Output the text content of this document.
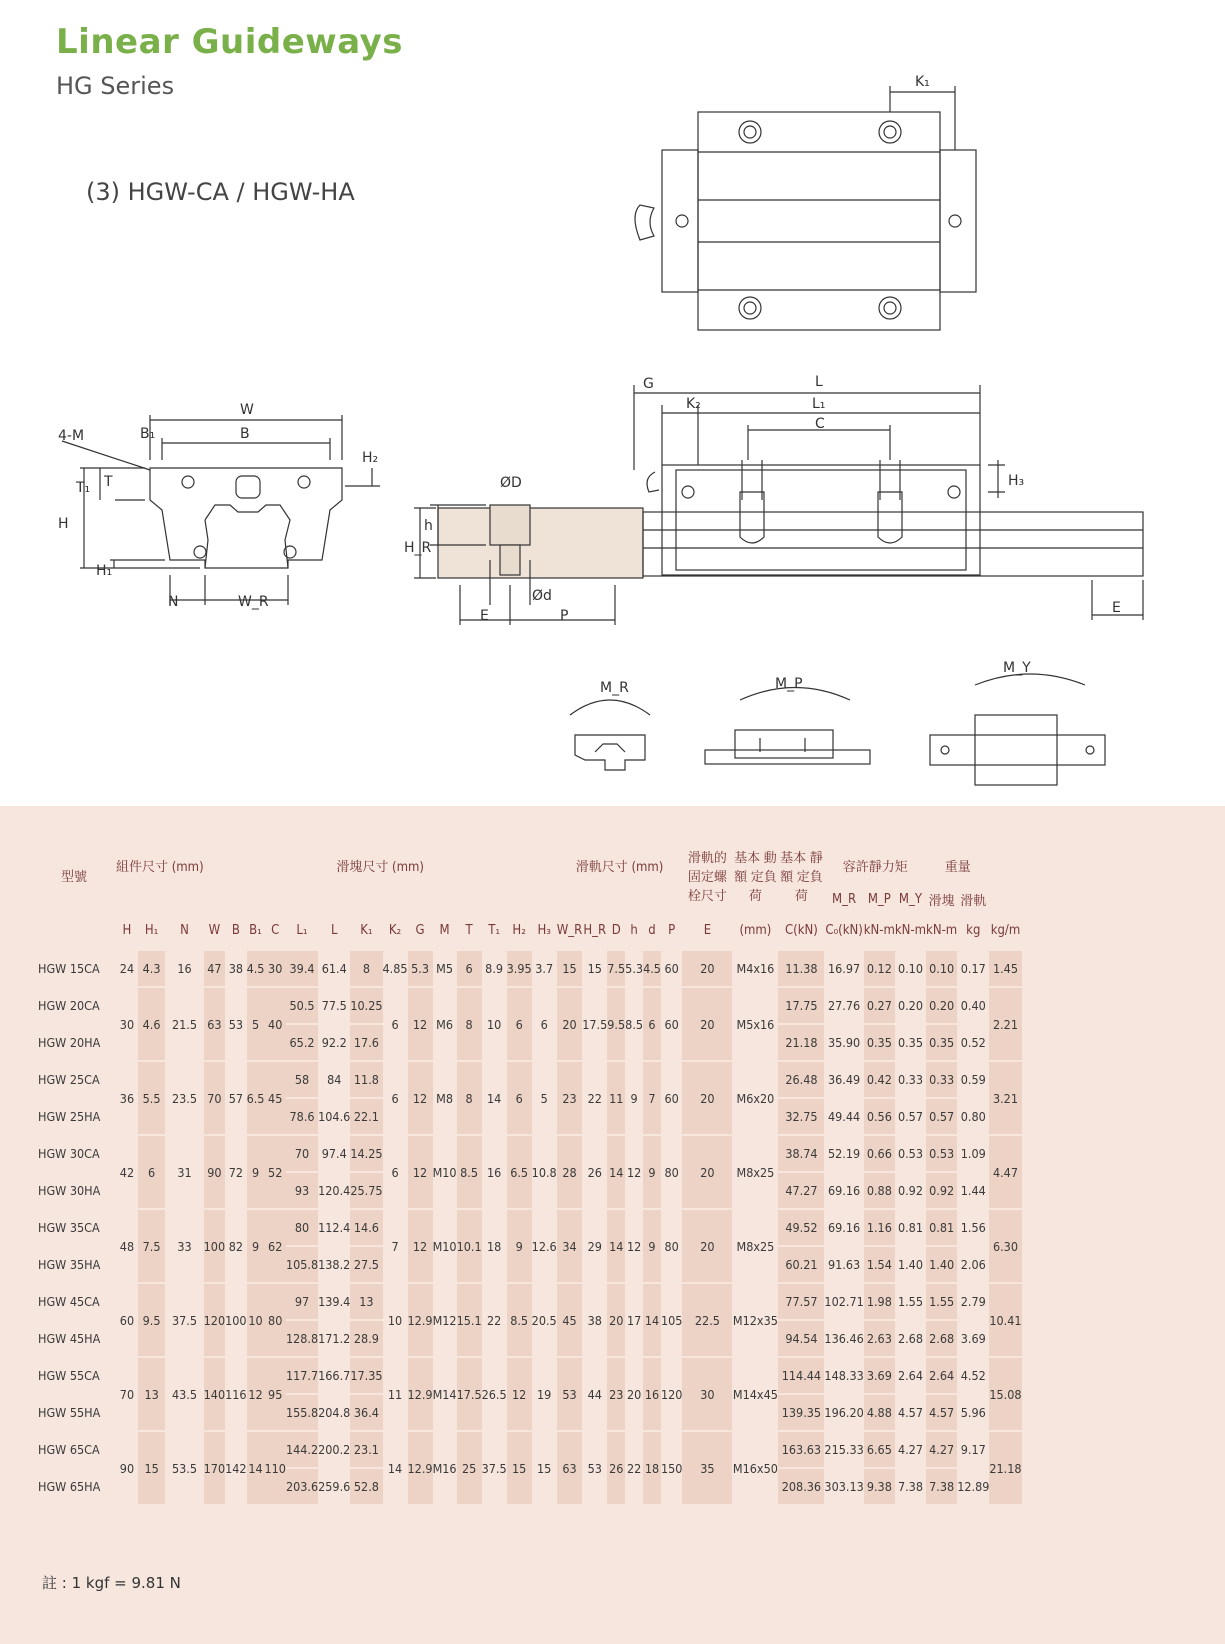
Linear Guideways
HG Series
(3) HGW-CA / HGW-HA
K₁
G	L
K₂	L₁
C
H₃
W
B₁	B
4-M
H₂
T₁ T
H
H₁
N	W_R
H_R
h
ØD
Ød
E	P	E
M_R	M_P
M_Y
型號	組件尺寸 (mm)			滑塊尺寸 (mm)														滑軌尺寸 (mm)						滑軌的 固定螺 栓尺寸	基本 動額 定負荷	基本 靜額 定負荷	容許靜力矩			重量		
																											M_R	M_P	M_Y	滑塊	滑軌	
	H	H₁	N	W	B	B₁	C	L₁	L	K₁	K₂	G	M	T	T₁	H₂	H₃	W_R	H_R	D	h	d	P	E	(mm)	C(kN)	C₀(kN)	kN-m	kN-m	kN-m	kg	kg/m
HGW 15CA	24	4.3	16	47	38	4.5	30	39.4	61.4	8	4.85	5.3	M5	6	8.9	3.95	3.7	15	15	7.5	5.3	4.5	60	20	M4x16	11.38	16.97	0.12	0.10	0.10	0.17	1.45
HGW 20CA	30	4.6	21.5	63	53	5	40	50.5	77.5	10.25	6	12	M6	8	10	6	6	20	17.5	9.5	8.5	6	60	20	M5x16	17.75	27.76	0.27	0.20	0.20	0.40	2.21
HGW 20HA								65.2	92.2	17.6																21.18	35.90	0.35	0.35	0.35	0.52	
HGW 25CA	36	5.5	23.5	70	57	6.5	45	58	84	11.8	6	12	M8	8	14	6	5	23	22	11	9	7	60	20	M6x20	26.48	36.49	0.42	0.33	0.33	0.59	3.21
HGW 25HA								78.6	104.6	22.1																32.75	49.44	0.56	0.57	0.57	0.80	
HGW 30CA	42	6	31	90	72	9	52	70	97.4	14.25	6	12	M10	8.5	16	6.5	10.8	28	26	14	12	9	80	20	M8x25	38.74	52.19	0.66	0.53	0.53	1.09	4.47
HGW 30HA								93	120.4	25.75																47.27	69.16	0.88	0.92	0.92	1.44	
HGW 35CA	48	7.5	33	100	82	9	62	80	112.4	14.6	7	12	M10	10.1	18	9	12.6	34	29	14	12	9	80	20	M8x25	49.52	69.16	1.16	0.81	0.81	1.56	6.30
HGW 35HA								105.8	138.2	27.5																60.21	91.63	1.54	1.40	1.40	2.06	
HGW 45CA	60	9.5	37.5	120	100	10	80	97	139.4	13	10	12.9	M12	15.1	22	8.5	20.5	45	38	20	17	14	105	22.5	M12x35	77.57	102.71	1.98	1.55	1.55	2.79	10.41
HGW 45HA								128.8	171.2	28.9																94.54	136.46	2.63	2.68	2.68	3.69	
HGW 55CA	70	13	43.5	140	116	12	95	117.7	166.7	17.35	11	12.9	M14	17.5	26.5	12	19	53	44	23	20	16	120	30	M14x45	114.44	148.33	3.69	2.64	2.64	4.52	15.08
HGW 55HA								155.8	204.8	36.4																139.35	196.20	4.88	4.57	4.57	5.96	
HGW 65CA	90	15	53.5	170	142	14	110	144.2	200.2	23.1	14	12.9	M16	25	37.5	15	15	63	53	26	22	18	150	35	M16x50	163.63	215.33	6.65	4.27	4.27	9.17	21.18
HGW 65HA								203.6	259.6	52.8																208.36	303.13	9.38	7.38	7.38	12.89	
註 : 1 kgf = 9.81 N
